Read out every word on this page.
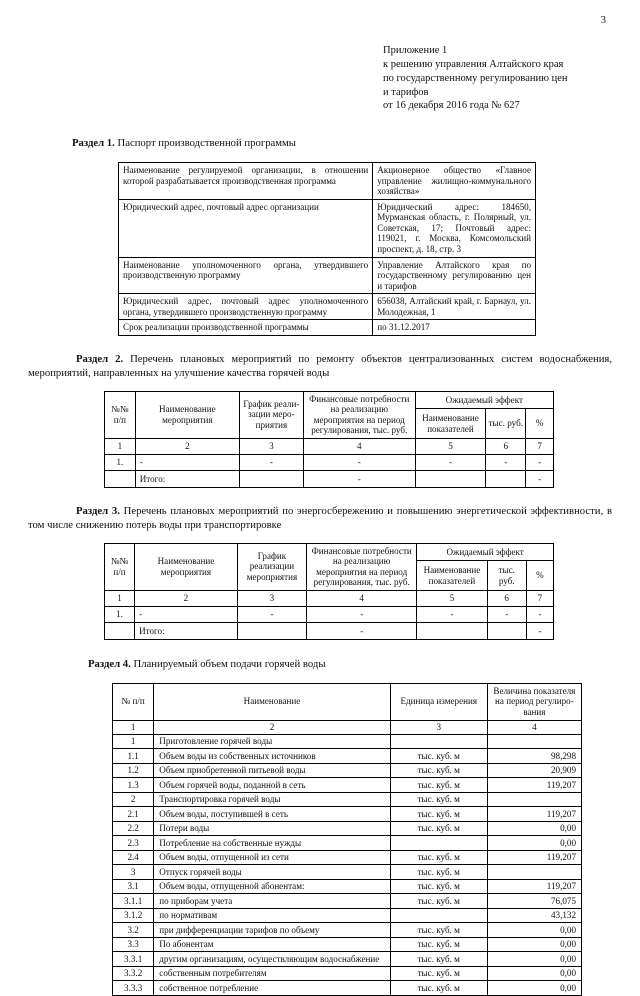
3
Приложение 1
к решению управления Алтайского края
по государственному регулированию цен
и тарифов
от 16 декабря 2016 года № 627

Раздел 1. Паспорт производственной программы

Наименование регулируемой организации, в отношении которой разрабатывается производственная программа	Акционерное общество «Главное управление жилищно-коммунального хозяйства»
Юридический адрес, почтовый адрес организации	Юридический адрес: 184650, Мурманская область, г. Полярный, ул. Советская, 17; Почтовый адрес: 119021, г. Москва, Комсомольский проспект, д. 18, стр. 3
Наименование уполномоченного органа, утвердившего производственную программу	Управление Алтайского края по государственному регулированию цен и тарифов
Юридический адрес, почтовый адрес уполномоченного органа, утвердившего производственную программу	656038, Алтайский край, г. Барнаул, ул. Молодежная, 1
Срок реализации производственной программы	по 31.12.2017

Раздел 2. Перечень плановых мероприятий по ремонту объектов централизованных систем водоснабжения, мероприятий, направленных на улучшение качества горячей воды

№№ п/п	Наименование мероприятия	График реализации мероприятия	Финансовые потребности на реализацию мероприятия на период регулирования, тыс. руб.	Ожидаемый эффект		
				Наименование показателей	тыс. руб.	%
1	2	3	4	5	6	7
1.	-	-	-	-	-	-
	Итого:		-			-

Раздел 3. Перечень плановых мероприятий по энергосбережению и повышению энергетической эффективности, в том числе снижению потерь воды при транспортировке

№№ п/п	Наименование мероприятия	График реализации мероприятия	Финансовые потребности на реализацию мероприятия на период регулирования, тыс. руб.	Ожидаемый эффект		
				Наименование показателей	тыс. руб.	%
1	2	3	4	5	6	7
1.	-	-	-	-	-	-
	Итого:		-			-

Раздел 4. Планируемый объем подачи горячей воды

№ п/п	Наименование	Единица измерения	Величина показателя на период регулирования
1	2	3	4
1	Приготовление горячей воды		
1.1	Объем воды из собственных источников	тыс. куб. м	98,298
1.2	Объем приобретенной питьевой воды	тыс. куб. м	20,909
1.3	Объем горячей воды, поданной в сеть	тыс. куб. м	119,207
2	Транспортировка горячей воды	тыс. куб. м	
2.1	Объем воды, поступившей в сеть	тыс. куб. м	119,207
2.2	Потери воды	тыс. куб. м	0,00
2.3	Потребление на собственные нужды		0,00
2.4	Объем воды, отпущенной из сети	тыс. куб. м	119,207
3	Отпуск горячей воды	тыс. куб. м	
3.1	Объем воды, отпущенной абонентам:	тыс. куб. м	119,207
3.1.1	по приборам учета	тыс. куб. м	76,075
3.1.2	по нормативам		43,132
3.2	при дифференциации тарифов по объему	тыс. куб. м	0,00
3.3	По абонентам	тыс. куб. м	0,00
3.3.1	другим организациям, осуществляющим водоснабжение	тыс. куб. м	0,00
3.3.2	собственным потребителям	тыс. куб. м	0,00
3.3.3	собственное потребление	тыс. куб. м	0,00
